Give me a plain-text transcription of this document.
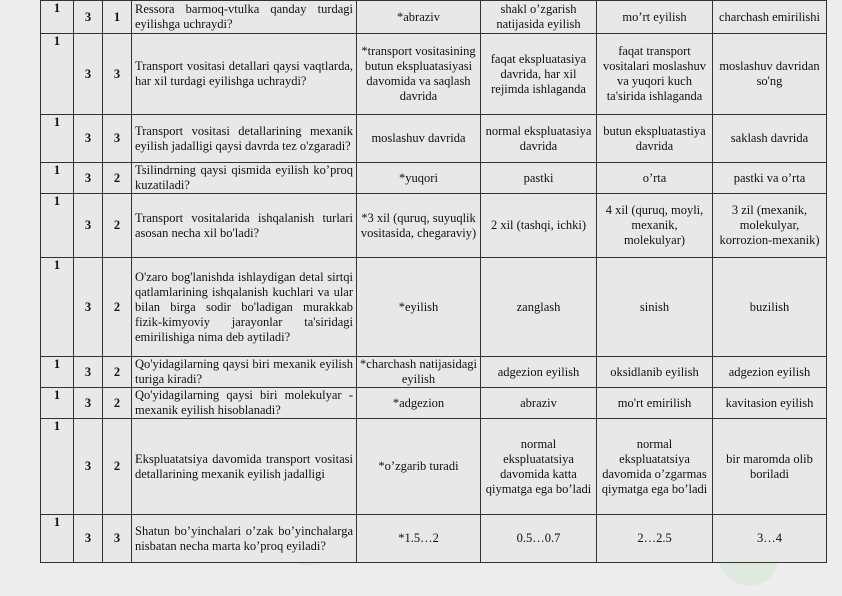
1	3	1	Ressora barmoq-vtulka qanday turdagi eyilishga uchraydi?	*abraziv	shakl o’zgarish natijasida eyilish	mo’rt eyilish	charchash emirilishi
1	3	3	Transport vositasi detallari qaysi vaqtlarda, har xil turdagi eyilishga uchraydi?	*transport vositasining butun ekspluatasiyasi davomida va saqlash davrida	faqat ekspluatasiya davrida, har xil rejimda ishlaganda	faqat transport vositalari moslashuv va yuqori kuch ta'sirida ishlaganda	moslashuv davridan so'ng
1	3	3	Transport vositasi detallarining mexanik eyilish jadalligi qaysi davrda tez o'zgaradi?	moslashuv davrida	normal ekspluatasiya davrida	butun ekspluatastiya davrida	saklash davrida
1	3	2	Tsilindrning qaysi qismida eyilish ko’proq kuzatiladi?	*yuqori	pastki	o’rta	pastki va o’rta
1	3	2	Transport vositalarida ishqalanish turlari asosan necha xil bo'ladi?	*3 xil (quruq, suyuqlik vositasida, chegaraviy)	2 xil (tashqi, ichki)	4 xil (quruq, moyli, mexanik, molekulyar)	3 zil (mexanik, molekulyar, korrozion-mexanik)
1	3	2	O'zaro bog'lanishda ishlaydigan detal sirtqi qatlamlarining ishqalanish kuchlari va ular bilan birga sodir bo'ladigan murakkab fizik-kimyoviy jarayonlar ta'siridagi emirilishiga nima deb aytiladi?	*eyilish	zanglash	sinish	buzilish
1	3	2	Qo'yidagilarning qaysi biri mexanik eyilish turiga kiradi?	*charchash natijasidagi eyilish	adgezion eyilish	oksidlanib eyilish	adgezion eyilish
1	3	2	Qo'yidagilarning qaysi biri molekulyar - mexanik eyilish hisoblanadi?	*adgezion	abraziv	mo'rt emirilish	kavitasion eyilish
1	3	2	Ekspluatatsiya davomida transport vositasi detallarining mexanik eyilish jadalligi	*o’zgarib turadi	normal ekspluatatsiya davomida katta qiymatga ega bo’ladi	normal ekspluatatsiya davomida o’zgarmas qiymatga ega bo’ladi	bir maromda olib boriladi
1	3	3	Shatun bo’yinchalari o’zak bo’yinchalarga nisbatan necha marta ko’proq eyiladi?	*1.5…2	0.5…0.7	2…2.5	3…4
